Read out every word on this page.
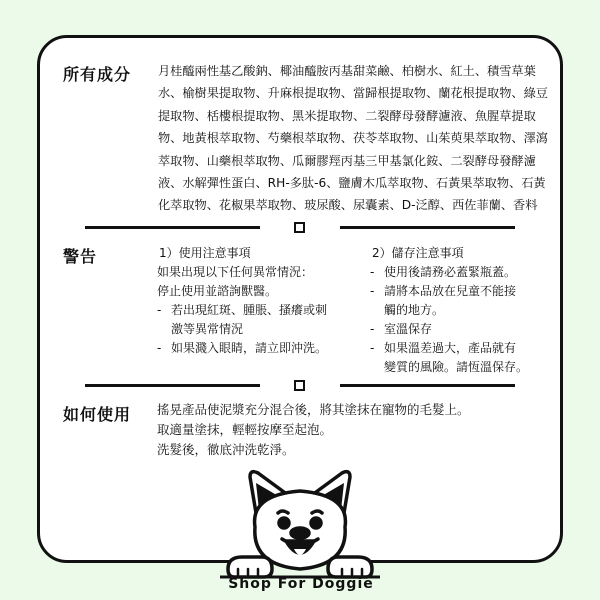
所有成分 月桂醯兩性基乙酸鈉、椰油醯胺丙基甜菜鹼、柏樹水、紅土、積雪草葉水、榆樹果提取物、升麻根提取物、當歸根提取物、蘭花根提取物、綠豆提取物、栝樓根提取物、黑米提取物、二裂酵母發酵濾液、魚腥草提取物、地黃根萃取物、芍藥根萃取物、茯苓萃取物、山茱萸果萃取物、澤瀉萃取物、山藥根萃取物、瓜爾膠羥丙基三甲基氯化銨、二裂酵母發酵濾液、水解彈性蛋白、RH-多肽-6、鹽膚木瓜萃取物、石黃果萃取物、石黃化萃取物、花椒果萃取物、玻尿酸、尿囊素、D-泛醇、西佐菲蘭、香料
警告	1）使用注意事項
如果出現以下任何異常情況：
停止使用並諮詢獸醫。
- 若出現紅斑、腫脹、搔癢或刺
激等異常情況
- 如果濺入眼睛，請立即沖洗。
2）儲存注意事項
- 使用後請務必蓋緊瓶蓋。
- 請將本品放在兒童不能接
觸的地方。
- 室溫保存
- 如果溫差過大，產品就有
變質的風險。請恆溫保存。
如何使用 搖晃產品使泥漿充分混合後，將其塗抹在寵物的毛髮上。
取適量塗抹，輕輕按摩至起泡。
洗髮後，徹底沖洗乾淨。
Shop For Doggie
